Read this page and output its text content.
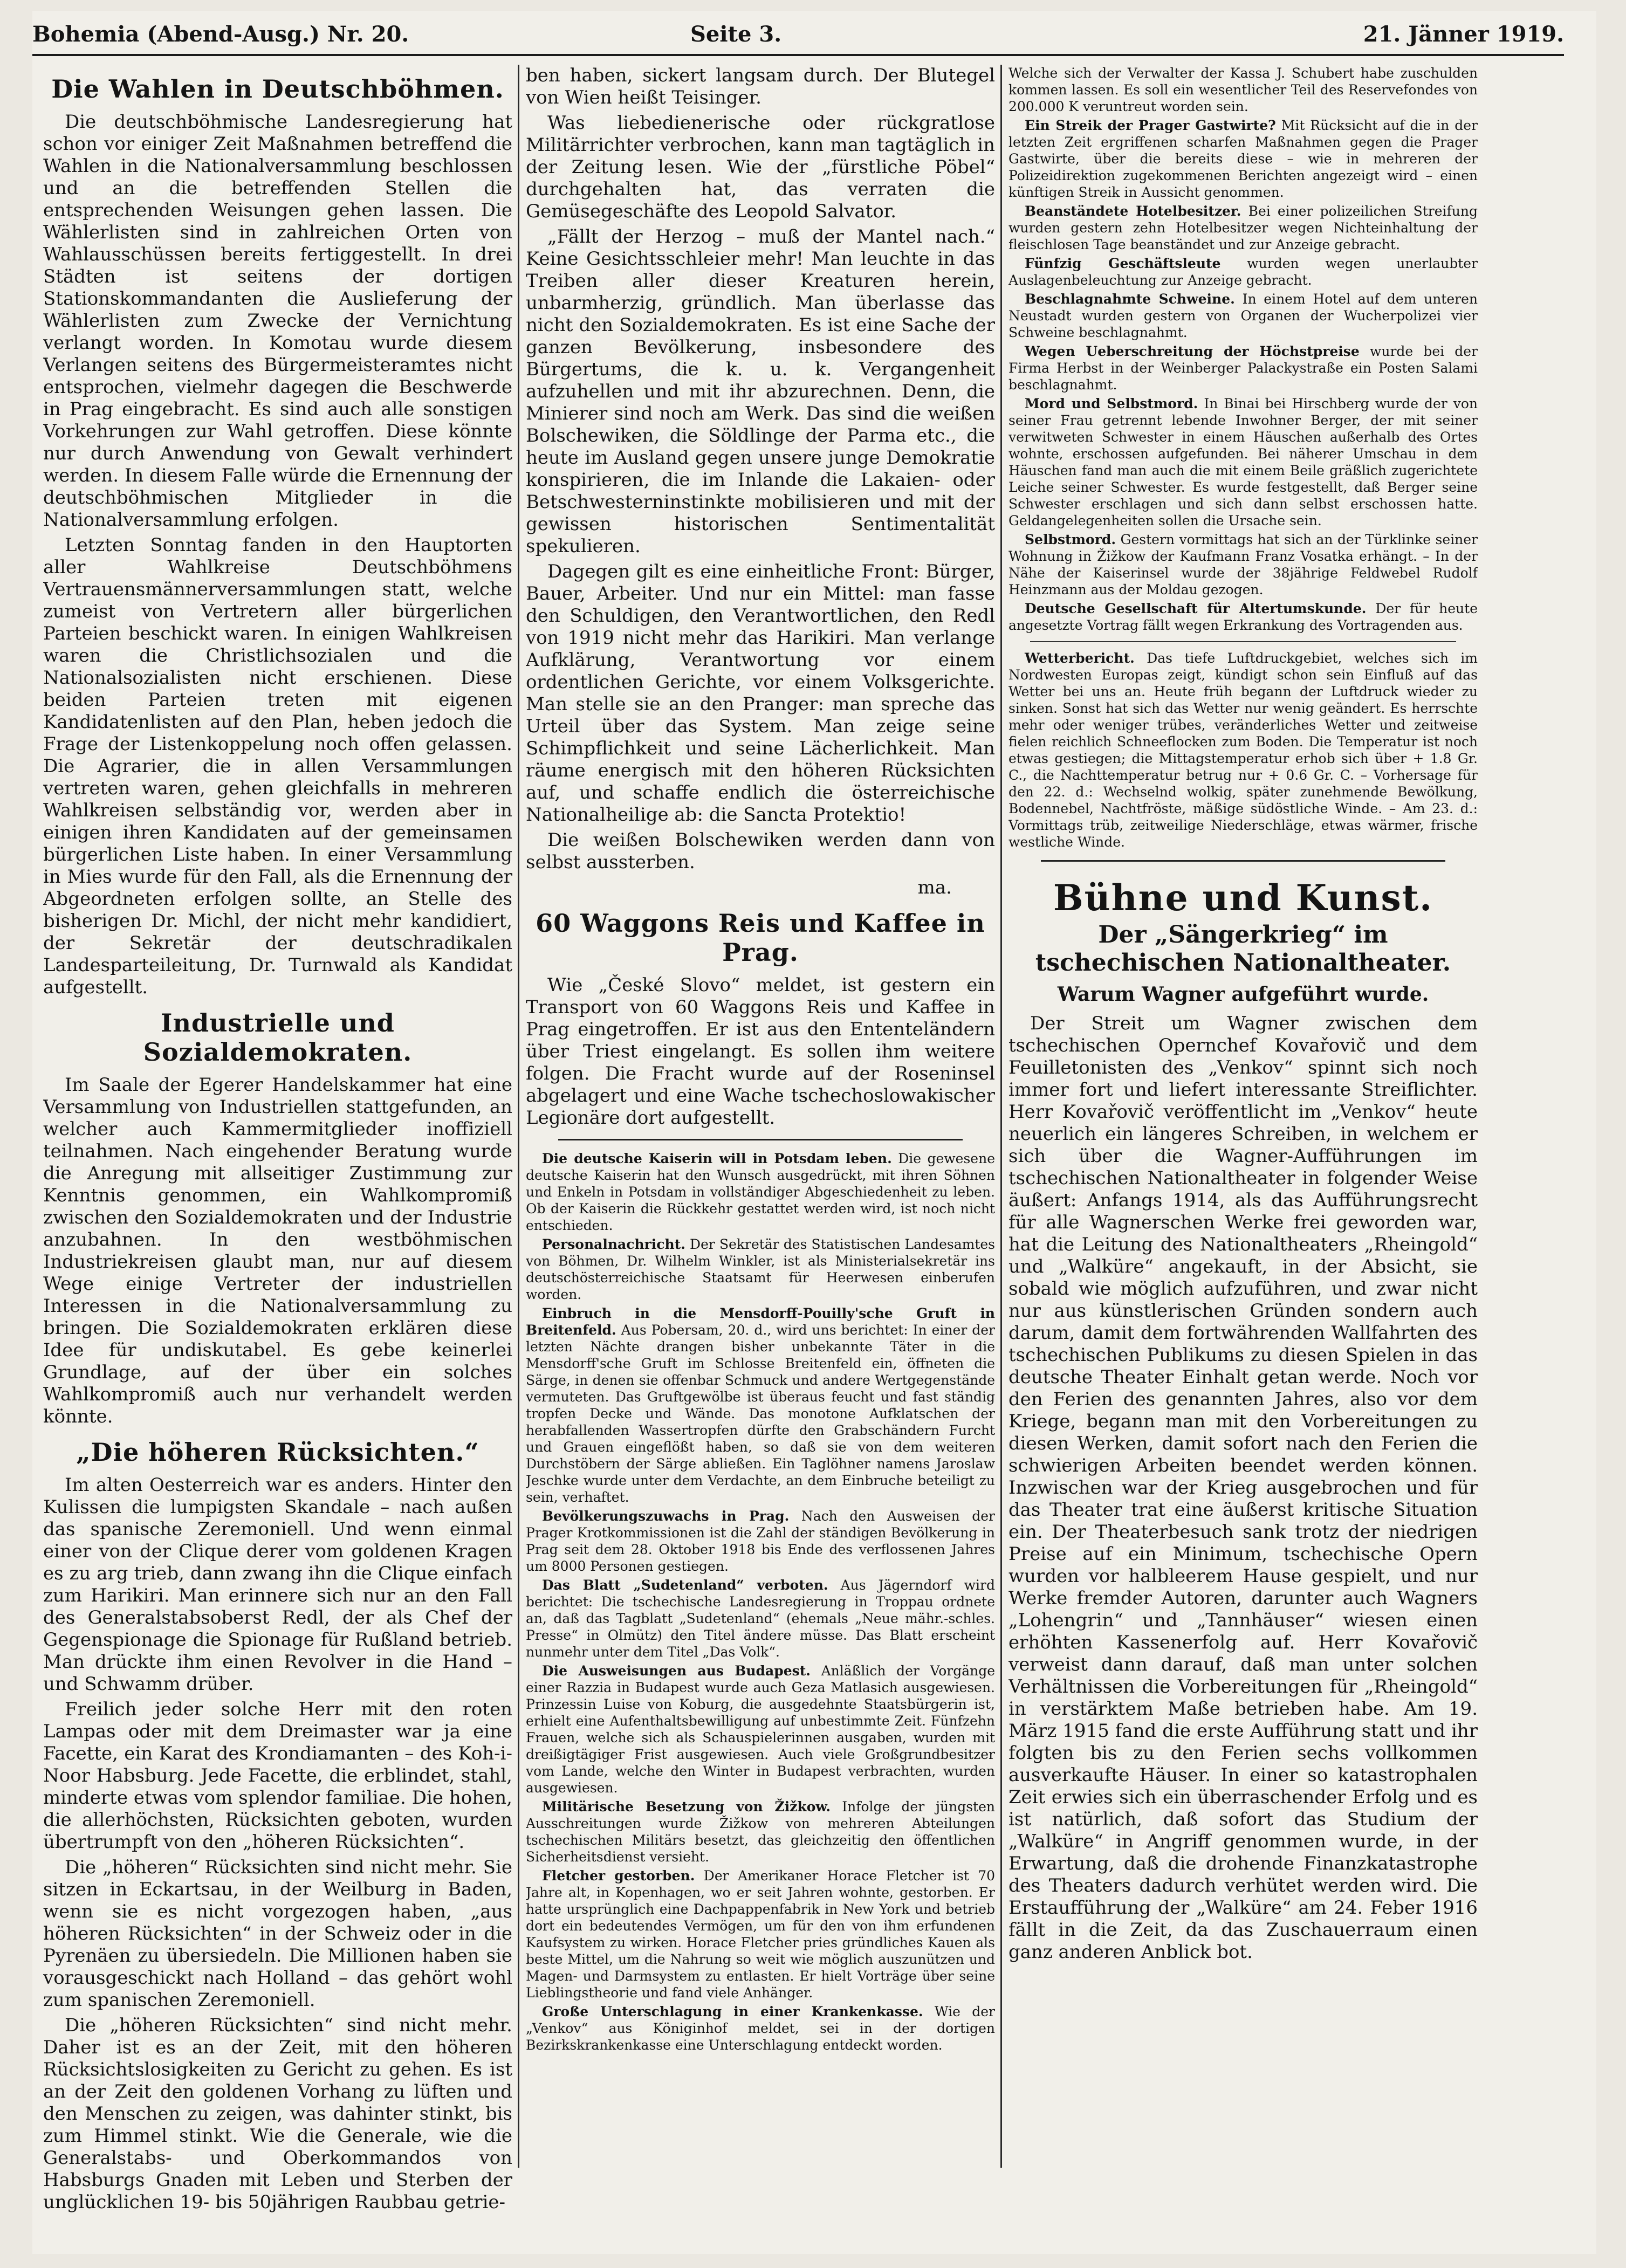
Bohemia (Abend-Ausg.) Nr. 20.	Seite 3.	21. Jänner 1919.
Die Wahlen in Deutschböhmen.

Die deutschböhmische Landesregierung hat schon vor einiger Zeit Maßnahmen betreffend die Wahlen in die Nationalversammlung beschlossen und an die betreffenden Stellen die entsprechenden Weisungen gehen lassen. Die Wählerlisten sind in zahlreichen Orten von Wahlausschüssen bereits fertiggestellt. In drei Städten ist seitens der dortigen Stationskommandanten die Auslieferung der Wählerlisten zum Zwecke der Vernichtung verlangt worden. In Komotau wurde diesem Verlangen seitens des Bürgermeisteramtes nicht entsprochen, vielmehr dagegen die Beschwerde in Prag eingebracht. Es sind auch alle sonstigen Vorkehrungen zur Wahl getroffen. Diese könnte nur durch Anwendung von Gewalt verhindert werden. In diesem Falle würde die Ernennung der deutschböhmischen Mitglieder in die Nationalversammlung erfolgen.

Letzten Sonntag fanden in den Hauptorten aller Wahlkreise Deutschböhmens Vertrauensmännerversammlungen statt, welche zumeist von Vertretern aller bürgerlichen Parteien beschickt waren. In einigen Wahlkreisen waren die Christlichsozialen und die Nationalsozialisten nicht erschienen. Diese beiden Parteien treten mit eigenen Kandidatenlisten auf den Plan, heben jedoch die Frage der Listenkoppelung noch offen gelassen. Die Agrarier, die in allen Versammlungen vertreten waren, gehen gleichfalls in mehreren Wahlkreisen selbständig vor, werden aber in einigen ihren Kandidaten auf der gemeinsamen bürgerlichen Liste haben. In einer Versammlung in Mies wurde für den Fall, als die Ernennung der Abgeordneten erfolgen sollte, an Stelle des bisherigen Dr. Michl, der nicht mehr kandidiert, der Sekretär der deutschradikalen Landesparteileitung, Dr. Turnwald als Kandidat aufgestellt.

Industrielle und Sozialdemokraten.

Im Saale der Egerer Handelskammer hat eine Versammlung von Industriellen stattgefunden, an welcher auch Kammermitglieder inoffiziell teilnahmen. Nach eingehender Beratung wurde die Anregung mit allseitiger Zustimmung zur Kenntnis genommen, ein Wahlkompromiß zwischen den Sozialdemokraten und der Industrie anzubahnen. In den westböhmischen Industriekreisen glaubt man, nur auf diesem Wege einige Vertreter der industriellen Interessen in die Nationalversammlung zu bringen. Die Sozialdemokraten erklären diese Idee für undiskutabel. Es gebe keinerlei Grundlage, auf der über ein solches Wahlkompromiß auch nur verhandelt werden könnte.

„Die höheren Rücksichten.“

Im alten Oesterreich war es anders. Hinter den Kulissen die lumpigsten Skandale – nach außen das spanische Zeremoniell. Und wenn einmal einer von der Clique derer vom goldenen Kragen es zu arg trieb, dann zwang ihn die Clique einfach zum Harikiri. Man erinnere sich nur an den Fall des Generalstabsoberst Redl, der als Chef der Gegenspionage die Spionage für Rußland betrieb. Man drückte ihm einen Revolver in die Hand – und Schwamm drüber.

Freilich jeder solche Herr mit den roten Lampas oder mit dem Dreimaster war ja eine Facette, ein Karat des Krondiamanten – des Koh-i-Noor Habsburg. Jede Facette, die erblindet, stahl, minderte etwas vom splendor familiae. Die hohen, die allerhöchsten, Rücksichten geboten, wurden übertrumpft von den „höheren Rücksichten“.

Die „höheren“ Rücksichten sind nicht mehr. Sie sitzen in Eckartsau, in der Weilburg in Baden, wenn sie es nicht vorgezogen haben, „aus höheren Rücksichten“ in der Schweiz oder in die Pyrenäen zu übersiedeln. Die Millionen haben sie vorausgeschickt nach Holland – das gehört wohl zum spanischen Zeremoniell.

Die „höheren Rücksichten“ sind nicht mehr. Daher ist es an der Zeit, mit den höheren Rücksichtslosigkeiten zu Gericht zu gehen. Es ist an der Zeit den goldenen Vorhang zu lüften und den Menschen zu zeigen, was dahinter stinkt, bis zum Himmel stinkt. Wie die Generale, wie die Generalstabs- und Oberkommandos von Habsburgs Gnaden mit Leben und Sterben der unglücklichen 19- bis 50jährigen Raubbau getrie-

ben haben, sickert langsam durch. Der Blutegel von Wien heißt Teisinger.

Was liebedienerische oder rückgratlose Militärrichter verbrochen, kann man tagtäglich in der Zeitung lesen. Wie der „fürstliche Pöbel“ durchgehalten hat, das verraten die Gemüsegeschäfte des Leopold Salvator.

„Fällt der Herzog – muß der Mantel nach.“ Keine Gesichtsschleier mehr! Man leuchte in das Treiben aller dieser Kreaturen herein, unbarmherzig, gründlich. Man überlasse das nicht den Sozialdemokraten. Es ist eine Sache der ganzen Bevölkerung, insbesondere des Bürgertums, die k. u. k. Vergangenheit aufzuhellen und mit ihr abzurechnen. Denn, die Minierer sind noch am Werk. Das sind die weißen Bolschewiken, die Söldlinge der Parma etc., die heute im Ausland gegen unsere junge Demokratie konspirieren, die im Inlande die Lakaien- oder Betschwesterninstinkte mobilisieren und mit der gewissen historischen Sentimentalität spekulieren.

Dagegen gilt es eine einheitliche Front: Bürger, Bauer, Arbeiter. Und nur ein Mittel: man fasse den Schuldigen, den Verantwortlichen, den Redl von 1919 nicht mehr das Harikiri. Man verlange Aufklärung, Verantwortung vor einem ordentlichen Gerichte, vor einem Volksgerichte. Man stelle sie an den Pranger: man spreche das Urteil über das System. Man zeige seine Schimpflichkeit und seine Lächerlichkeit. Man räume energisch mit den höheren Rücksichten auf, und schaffe endlich die österreichische Nationalheilige ab: die Sancta Protektio!

Die weißen Bolschewiken werden dann von selbst aussterben.

ma.
60 Waggons Reis und Kaffee in Prag.

Wie „České Slovo“ meldet, ist gestern ein Transport von 60 Waggons Reis und Kaffee in Prag eingetroffen. Er ist aus den Ententeländern über Triest eingelangt. Es sollen ihm weitere folgen. Die Fracht wurde auf der Roseninsel abgelagert und eine Wache tschechoslowakischer Legionäre dort aufgestellt.

Die deutsche Kaiserin will in Potsdam leben. Die gewesene deutsche Kaiserin hat den Wunsch ausgedrückt, mit ihren Söhnen und Enkeln in Potsdam in vollständiger Abgeschiedenheit zu leben. Ob der Kaiserin die Rückkehr gestattet werden wird, ist noch nicht entschieden.

Personalnachricht. Der Sekretär des Statistischen Landesamtes von Böhmen, Dr. Wilhelm Winkler, ist als Ministerialsekretär ins deutschösterreichische Staatsamt für Heerwesen einberufen worden.

Einbruch in die Mensdorff-Pouilly'sche Gruft in Breitenfeld. Aus Pobersam, 20. d., wird uns berichtet: In einer der letzten Nächte drangen bisher unbekannte Täter in die Mensdorff'sche Gruft im Schlosse Breitenfeld ein, öffneten die Särge, in denen sie offenbar Schmuck und andere Wertgegenstände vermuteten. Das Gruftgewölbe ist überaus feucht und fast ständig tropfen Decke und Wände. Das monotone Aufklatschen der herabfallenden Wassertropfen dürfte den Grabschändern Furcht und Grauen eingeflößt haben, so daß sie von dem weiteren Durchstöbern der Särge abließen. Ein Taglöhner namens Jaroslaw Jeschke wurde unter dem Verdachte, an dem Einbruche beteiligt zu sein, verhaftet.

Bevölkerungszuwachs in Prag. Nach den Ausweisen der Prager Krotkommissionen ist die Zahl der ständigen Bevölkerung in Prag seit dem 28. Oktober 1918 bis Ende des verflossenen Jahres um 8000 Personen gestiegen.

Das Blatt „Sudetenland“ verboten. Aus Jägerndorf wird berichtet: Die tschechische Landesregierung in Troppau ordnete an, daß das Tagblatt „Sudetenland“ (ehemals „Neue mähr.-schles. Presse“ in Olmütz) den Titel ändere müsse. Das Blatt erscheint nunmehr unter dem Titel „Das Volk“.

Die Ausweisungen aus Budapest. Anläßlich der Vorgänge einer Razzia in Budapest wurde auch Geza Matlasich ausgewiesen. Prinzessin Luise von Koburg, die ausgedehnte Staatsbürgerin ist, erhielt eine Aufenthaltsbewilligung auf unbestimmte Zeit. Fünfzehn Frauen, welche sich als Schauspielerinnen ausgaben, wurden mit dreißigtägiger Frist ausgewiesen. Auch viele Großgrundbesitzer vom Lande, welche den Winter in Budapest verbrachten, wurden ausgewiesen.

Militärische Besetzung von Žižkow. Infolge der jüngsten Ausschreitungen wurde Žižkow von mehreren Abteilungen tschechischen Militärs besetzt, das gleichzeitig den öffentlichen Sicherheitsdienst versieht.

Fletcher gestorben. Der Amerikaner Horace Fletcher ist 70 Jahre alt, in Kopenhagen, wo er seit Jahren wohnte, gestorben. Er hatte ursprünglich eine Dachpappenfabrik in New York und betrieb dort ein bedeutendes Vermögen, um für den von ihm erfundenen Kaufsystem zu wirken. Horace Fletcher pries gründliches Kauen als beste Mittel, um die Nahrung so weit wie möglich auszunützen und Magen- und Darmsystem zu entlasten. Er hielt Vorträge über seine Lieblingstheorie und fand viele Anhänger.

Große Unterschlagung in einer Krankenkasse. Wie der „Venkov“ aus Königinhof meldet, sei in der dortigen Bezirkskrankenkasse eine Unterschlagung entdeckt worden.

Welche sich der Verwalter der Kassa J. Schubert habe zuschulden kommen lassen. Es soll ein wesentlicher Teil des Reservefondes von 200.000 K veruntreut worden sein.

Ein Streik der Prager Gastwirte? Mit Rücksicht auf die in der letzten Zeit ergriffenen scharfen Maßnahmen gegen die Prager Gastwirte, über die bereits diese – wie in mehreren der Polizeidirektion zugekommenen Berichten angezeigt wird – einen künftigen Streik in Aussicht genommen.

Beanständete Hotelbesitzer. Bei einer polizeilichen Streifung wurden gestern zehn Hotelbesitzer wegen Nichteinhaltung der fleischlosen Tage beanständet und zur Anzeige gebracht.

Fünfzig Geschäftsleute wurden wegen unerlaubter Auslagenbeleuchtung zur Anzeige gebracht.

Beschlagnahmte Schweine. In einem Hotel auf dem unteren Neustadt wurden gestern von Organen der Wucherpolizei vier Schweine beschlagnahmt.

Wegen Ueberschreitung der Höchstpreise wurde bei der Firma Herbst in der Weinberger Palackystraße ein Posten Salami beschlagnahmt.

Mord und Selbstmord. In Binai bei Hirschberg wurde der von seiner Frau getrennt lebende Inwohner Berger, der mit seiner verwitweten Schwester in einem Häuschen außerhalb des Ortes wohnte, erschossen aufgefunden. Bei näherer Umschau in dem Häuschen fand man auch die mit einem Beile gräßlich zugerichtete Leiche seiner Schwester. Es wurde festgestellt, daß Berger seine Schwester erschlagen und sich dann selbst erschossen hatte. Geldangelegenheiten sollen die Ursache sein.

Selbstmord. Gestern vormittags hat sich an der Türklinke seiner Wohnung in Žižkow der Kaufmann Franz Vosatka erhängt. – In der Nähe der Kaiserinsel wurde der 38jährige Feldwebel Rudolf Heinzmann aus der Moldau gezogen.

Deutsche Gesellschaft für Altertumskunde. Der für heute angesetzte Vortrag fällt wegen Erkrankung des Vortragenden aus.

Wetterbericht. Das tiefe Luftdruckgebiet, welches sich im Nordwesten Europas zeigt, kündigt schon sein Einfluß auf das Wetter bei uns an. Heute früh begann der Luftdruck wieder zu sinken. Sonst hat sich das Wetter nur wenig geändert. Es herrschte mehr oder weniger trübes, veränderliches Wetter und zeitweise fielen reichlich Schneeflocken zum Boden. Die Temperatur ist noch etwas gestiegen; die Mittagstemperatur erhob sich über + 1.8 Gr. C., die Nachttemperatur betrug nur + 0.6 Gr. C. – Vorhersage für den 22. d.: Wechselnd wolkig, später zunehmende Bewölkung, Bodennebel, Nachtfröste, mäßige südöstliche Winde. – Am 23. d.: Vormittags trüb, zeitweilige Niederschläge, etwas wärmer, frische westliche Winde.

Bühne und Kunst.
Der „Sängerkrieg“ im tschechischen Nationaltheater.
Warum Wagner aufgeführt wurde.

Der Streit um Wagner zwischen dem tschechischen Opernchef Kovařovič und dem Feuilletonisten des „Venkov“ spinnt sich noch immer fort und liefert interessante Streiflichter. Herr Kovařovič veröffentlicht im „Venkov“ heute neuerlich ein längeres Schreiben, in welchem er sich über die Wagner-Aufführungen im tschechischen Nationaltheater in folgender Weise äußert: Anfangs 1914, als das Aufführungsrecht für alle Wagnerschen Werke frei geworden war, hat die Leitung des Nationaltheaters „Rheingold“ und „Walküre“ angekauft, in der Absicht, sie sobald wie möglich aufzuführen, und zwar nicht nur aus künstlerischen Gründen sondern auch darum, damit dem fortwährenden Wallfahrten des tschechischen Publikums zu diesen Spielen in das deutsche Theater Einhalt getan werde. Noch vor den Ferien des genannten Jahres, also vor dem Kriege, begann man mit den Vorbereitungen zu diesen Werken, damit sofort nach den Ferien die schwierigen Arbeiten beendet werden können. Inzwischen war der Krieg ausgebrochen und für das Theater trat eine äußerst kritische Situation ein. Der Theaterbesuch sank trotz der niedrigen Preise auf ein Minimum, tschechische Opern wurden vor halbleerem Hause gespielt, und nur Werke fremder Autoren, darunter auch Wagners „Lohengrin“ und „Tannhäuser“ wiesen einen erhöhten Kassenerfolg auf. Herr Kovařovič verweist dann darauf, daß man unter solchen Verhältnissen die Vorbereitungen für „Rheingold“ in verstärktem Maße betrieben habe. Am 19. März 1915 fand die erste Aufführung statt und ihr folgten bis zu den Ferien sechs vollkommen ausverkaufte Häuser. In einer so katastrophalen Zeit erwies sich ein überraschender Erfolg und es ist natürlich, daß sofort das Studium der „Walküre“ in Angriff genommen wurde, in der Erwartung, daß die drohende Finanzkatastrophe des Theaters dadurch verhütet werden wird. Die Erstaufführung der „Walküre“ am 24. Feber 1916 fällt in die Zeit, da das Zuschauerraum einen ganz anderen Anblick bot.
